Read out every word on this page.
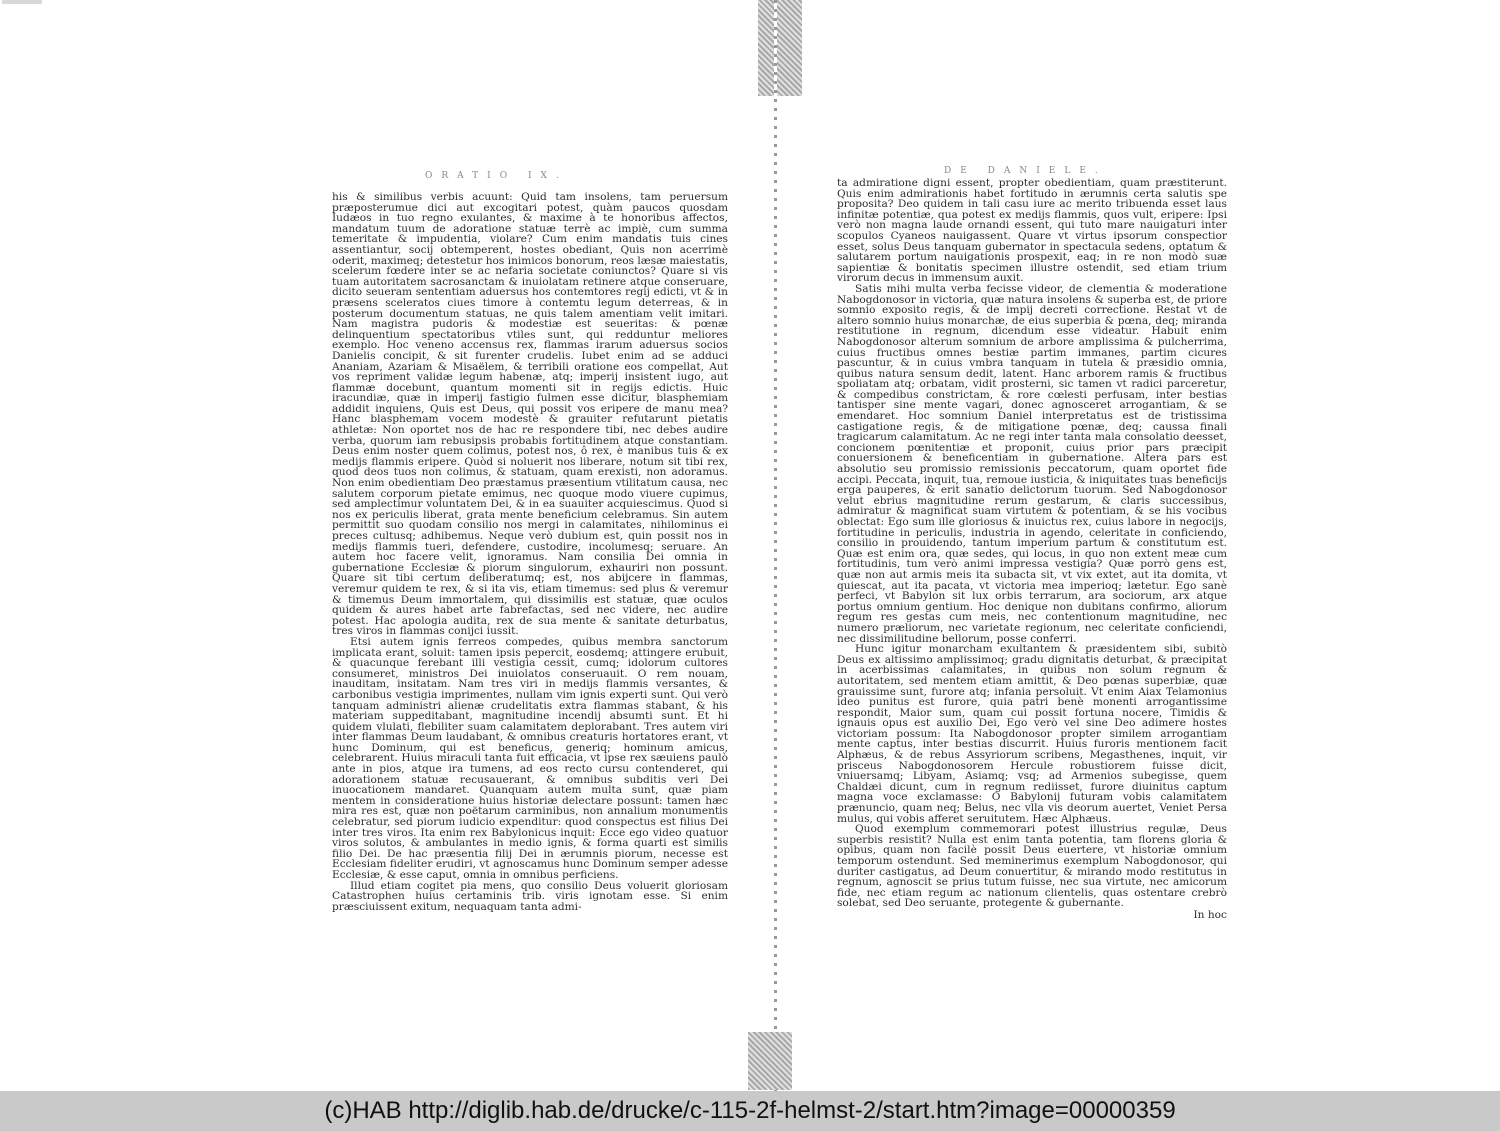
ORATIO IX.

his & similibus verbis acuunt: Quid tam insolens, tam peruersum præposterumue dici aut excogitari potest, quàm paucos quosdam Iudæos in tuo regno exulantes, & maxime à te honoribus affectos, mandatum tuum de adoratione statuæ terrè ac impiè, cum summa temeritate & impudentia, violare? Cum enim mandatis tuis cines assentiantur, socij obtemperent, hostes obediant, Quis non acerrimè oderit, maximeq; detestetur hos inimicos bonorum, reos læsæ maiestatis, scelerum fœdere inter se ac nefaria societate coniunctos? Quare si vis tuam autoritatem sacrosanctam & inuiolatam retinere atque conseruare, dicito seueram sententiam aduersus hos contemtores regij edicti, vt & in præsens sceleratos ciues timore à contemtu legum deterreas, & in posterum documentum statuas, ne quis talem amentiam velit imitari. Nam magistra pudoris & modestiæ est seueritas: & pœnæ delinquentium spectatoribus vtiles sunt, qui redduntur meliores exemplo. Hoc veneno accensus rex, flammas irarum aduersus socios Danielis concipit, & sit furenter crudelis. Iubet enim ad se adduci Ananiam, Azariam & Misaëlem, & terribili oratione eos compellat, Aut vos repriment validæ legum habenæ, atq; imperij insistent iugo, aut flammæ docebunt, quantum momenti sit in regijs edictis. Huic iracundiæ, quæ in imperij fastigio fulmen esse dicitur, blasphemiam addidit inquiens, Quis est Deus, qui possit vos eripere de manu mea? Hanc blasphemam vocem modestè & grauiter refutarunt pietatis athletæ: Non oportet nos de hac re respondere tibi, nec debes audire verba, quorum iam rebusipsis probabis fortitudinem atque constantiam. Deus enim noster quem colimus, potest nos, ô rex, è manibus tuis & ex medijs flammis eripere. Quòd si noluerit nos liberare, notum sit tibi rex, quod deos tuos non colimus, & statuam, quam erexisti, non adoramus. Non enim obedientiam Deo præstamus præsentium vtilitatum causa, nec salutem corporum pietate emimus, nec quoque modo viuere cupimus, sed amplectimur voluntatem Dei, & in ea suauiter acquiescimus. Quod si nos ex periculis liberat, grata mente beneficium celebramus. Sin autem permittit suo quodam consilio nos mergi in calamitates, nihilominus ei preces cultusq; adhibemus. Neque verò dubium est, quin possit nos in medijs flammis tueri, defendere, custodire, incolumesq; seruare. An autem hoc facere velit, ignoramus. Nam consilia Dei omnia in gubernatione Ecclesiæ & piorum singulorum, exhauriri non possunt. Quare sit tibi certum deliberatumq; est, nos abijcere in flammas, veremur quidem te rex, & si ita vis, etiam timemus: sed plus & veremur & timemus Deum immortalem, qui dissimilis est statuæ, quæ oculos quidem & aures habet arte fabrefactas, sed nec videre, nec audire potest. Hac apologia audita, rex de sua mente & sanitate deturbatus, tres viros in flammas conijci iussit.

Etsi autem ignis ferreos compedes, quibus membra sanctorum implicata erant, soluit: tamen ipsis pepercit, eosdemq; attingere erubuit, & quacunque ferebant illi vestigia cessit, cumq; idolorum cultores consumeret, ministros Dei inuiolatos conseruauit. O rem nouam, inauditam, insitatam. Nam tres viri in medijs flammis versantes, & carbonibus vestigia imprimentes, nullam vim ignis experti sunt. Qui verò tanquam administri alienæ crudelitatis extra flammas stabant, & his materiam suppeditabant, magnitudine incendij absumti sunt. Et hi quidem vlulati, flebiliter suam calamitatem deplorabant. Tres autem viri inter flammas Deum laudabant, & omnibus creaturis hortatores erant, vt hunc Dominum, qui est beneficus, generiq; hominum amicus, celebrarent. Huius miraculi tanta fuit efficacia, vt ipse rex sæuiens paulò ante in pios, atque ira tumens, ad eos recto cursu contenderet, qui adorationem statuæ recusauerant, & omnibus subditis veri Dei inuocationem mandaret. Quanquam autem multa sunt, quæ piam mentem in consideratione huius historiæ delectare possunt: tamen hæc mira res est, quæ non poëtarum carminibus, non annalium monumentis celebratur, sed piorum iudicio expenditur: quod conspectus est filius Dei inter tres viros. Ita enim rex Babylonicus inquit: Ecce ego video quatuor viros solutos, & ambulantes in medio ignis, & forma quarti est similis filio Dei. De hac præsentia filij Dei in ærumnis piorum, necesse est Ecclesiam fideliter erudiri, vt agnoscamus hunc Dominum semper adesse Ecclesiæ, & esse caput, omnia in omnibus perficiens.

Illud etiam cogitet pia mens, quo consilio Deus voluerit gloriosam Catastrophen huius certaminis trib. viris ignotam esse. Si enim præsciuissent exitum, nequaquam tanta admi-

DE DANIELE.

ta admiratione digni essent, propter obedientiam, quam præstiterunt. Quis enim admirationis habet fortitudo in ærumnis certa salutis spe proposita? Deo quidem in tali casu iure ac merito tribuenda esset laus infinitæ potentiæ, qua potest ex medijs flammis, quos vult, eripere: Ipsi verò non magna laude ornandi essent, qui tuto mare nauigaturi inter scopulos Cyaneos nauigassent. Quare vt virtus ipsorum conspectior esset, solus Deus tanquam gubernator in spectacula sedens, optatum & salutarem portum nauigationis prospexit, eaq; in re non modò suæ sapientiæ & bonitatis specimen illustre ostendit, sed etiam trium virorum decus in immensum auxit.

Satis mihi multa verba fecisse videor, de clementia & moderatione Nabogdonosor in victoria, quæ natura insolens & superba est, de priore somnio exposito regis, & de impij decreti correctione. Restat vt de altero somnio huius monarchæ, de eius superbia & pœna, deq; miranda restitutione in regnum, dicendum esse videatur. Habuit enim Nabogdonosor alterum somnium de arbore amplissima & pulcherrima, cuius fructibus omnes bestiæ partim immanes, partim cicures pascuntur, & in cuius vmbra tanquam in tutela & præsidio omnia, quibus natura sensum dedit, latent. Hanc arborem ramis & fructibus spoliatam atq; orbatam, vidit prosterni, sic tamen vt radici parceretur, & compedibus constrictam, & rore cœlesti perfusam, inter bestias tantisper sine mente vagari, donec agnosceret arrogantiam, & se emendaret. Hoc somnium Daniel interpretatus est de tristissima castigatione regis, & de mitigatione pœnæ, deq; caussa finali tragicarum calamitatum. Ac ne regi inter tanta mala consolatio deesset, concionem pœnitentiæ et proponit, cuius prior pars præcipit conuersionem & beneficentiam in gubernatione. Altera pars est absolutio seu promissio remissionis peccatorum, quam oportet fide accipi. Peccata, inquit, tua, remoue iusticia, & iniquitates tuas beneficijs erga pauperes, & erit sanatio delictorum tuorum. Sed Nabogdonosor velut ebrius magnitudine rerum gestarum, & claris successibus, admiratur & magnificat suam virtutem & potentiam, & se his vocibus oblectat: Ego sum ille gloriosus & inuictus rex, cuius labore in negocijs, fortitudine in periculis, industria in agendo, celeritate in conficiendo, consilio in prouidendo, tantum imperium partum & constitutum est. Quæ est enim ora, quæ sedes, qui locus, in quo non extent meæ cum fortitudinis, tum verò animi impressa vestigia? Quæ porrò gens est, quæ non aut armis meis ita subacta sit, vt vix extet, aut ita domita, vt quiescat, aut ita pacata, vt victoria mea imperioq; lætetur. Ego sanè perfeci, vt Babylon sit lux orbis terrarum, ara sociorum, arx atque portus omnium gentium. Hoc denique non dubitans confirmo, aliorum regum res gestas cum meis, nec contentionum magnitudine, nec numero præliorum, nec varietate regionum, nec celeritate conficiendi, nec dissimilitudine bellorum, posse conferri.

Hunc igitur monarcham exultantem & præsidentem sibi, subitò Deus ex altissimo amplissimoq; gradu dignitatis deturbat, & præcipitat in acerbissimas calamitates, in quibus non solum regnum & autoritatem, sed mentem etiam amittit, & Deo pœnas superbiæ, quæ grauissime sunt, furore atq; infania persoluit. Vt enim Aiax Telamonius ideo punitus est furore, quia patri benè monenti arrogantissime respondit, Maior sum, quam cui possit fortuna nocere, Timidis & ignauis opus est auxilio Dei, Ego verò vel sine Deo adimere hostes victoriam possum: Ita Nabogdonosor propter similem arrogantiam mente captus, inter bestias discurrit. Huius furoris mentionem facit Alphæus, & de rebus Assyriorum scribens, Megasthenes, inquit, vir prisceus Nabogdonosorem Hercule robustiorem fuisse dicit, vniuersamq; Libyam, Asiamq; vsq; ad Armenios subegisse, quem Chaldæi dicunt, cum in regnum rediisset, furore diuinitus captum magna voce exclamasse: O Babylonij futuram vobis calamitatem prænuncio, quam neq; Belus, nec vlla vis deorum auertet, Veniet Persa mulus, qui vobis afferet seruitutem. Hæc Alphæus.

Quod exemplum commemorari potest illustrius regulæ, Deus superbis resistit? Nulla est enim tanta potentia, tam florens gloria & opibus, quam non facilè possit Deus euertere, vt historiæ omnium temporum ostendunt. Sed meminerimus exemplum Nabogdonosor, qui duriter castigatus, ad Deum conuertitur, & mirando modo restitutus in regnum, agnoscit se prius tutum fuisse, nec sua virtute, nec amicorum fide, nec etiam regum ac nationum clientelis, quas ostentare crebrò solebat, sed Deo seruante, protegente & gubernante.

In hoc
(c)HAB http://diglib.hab.de/drucke/c-115-2f-helmst-2/start.htm?image=00000359
